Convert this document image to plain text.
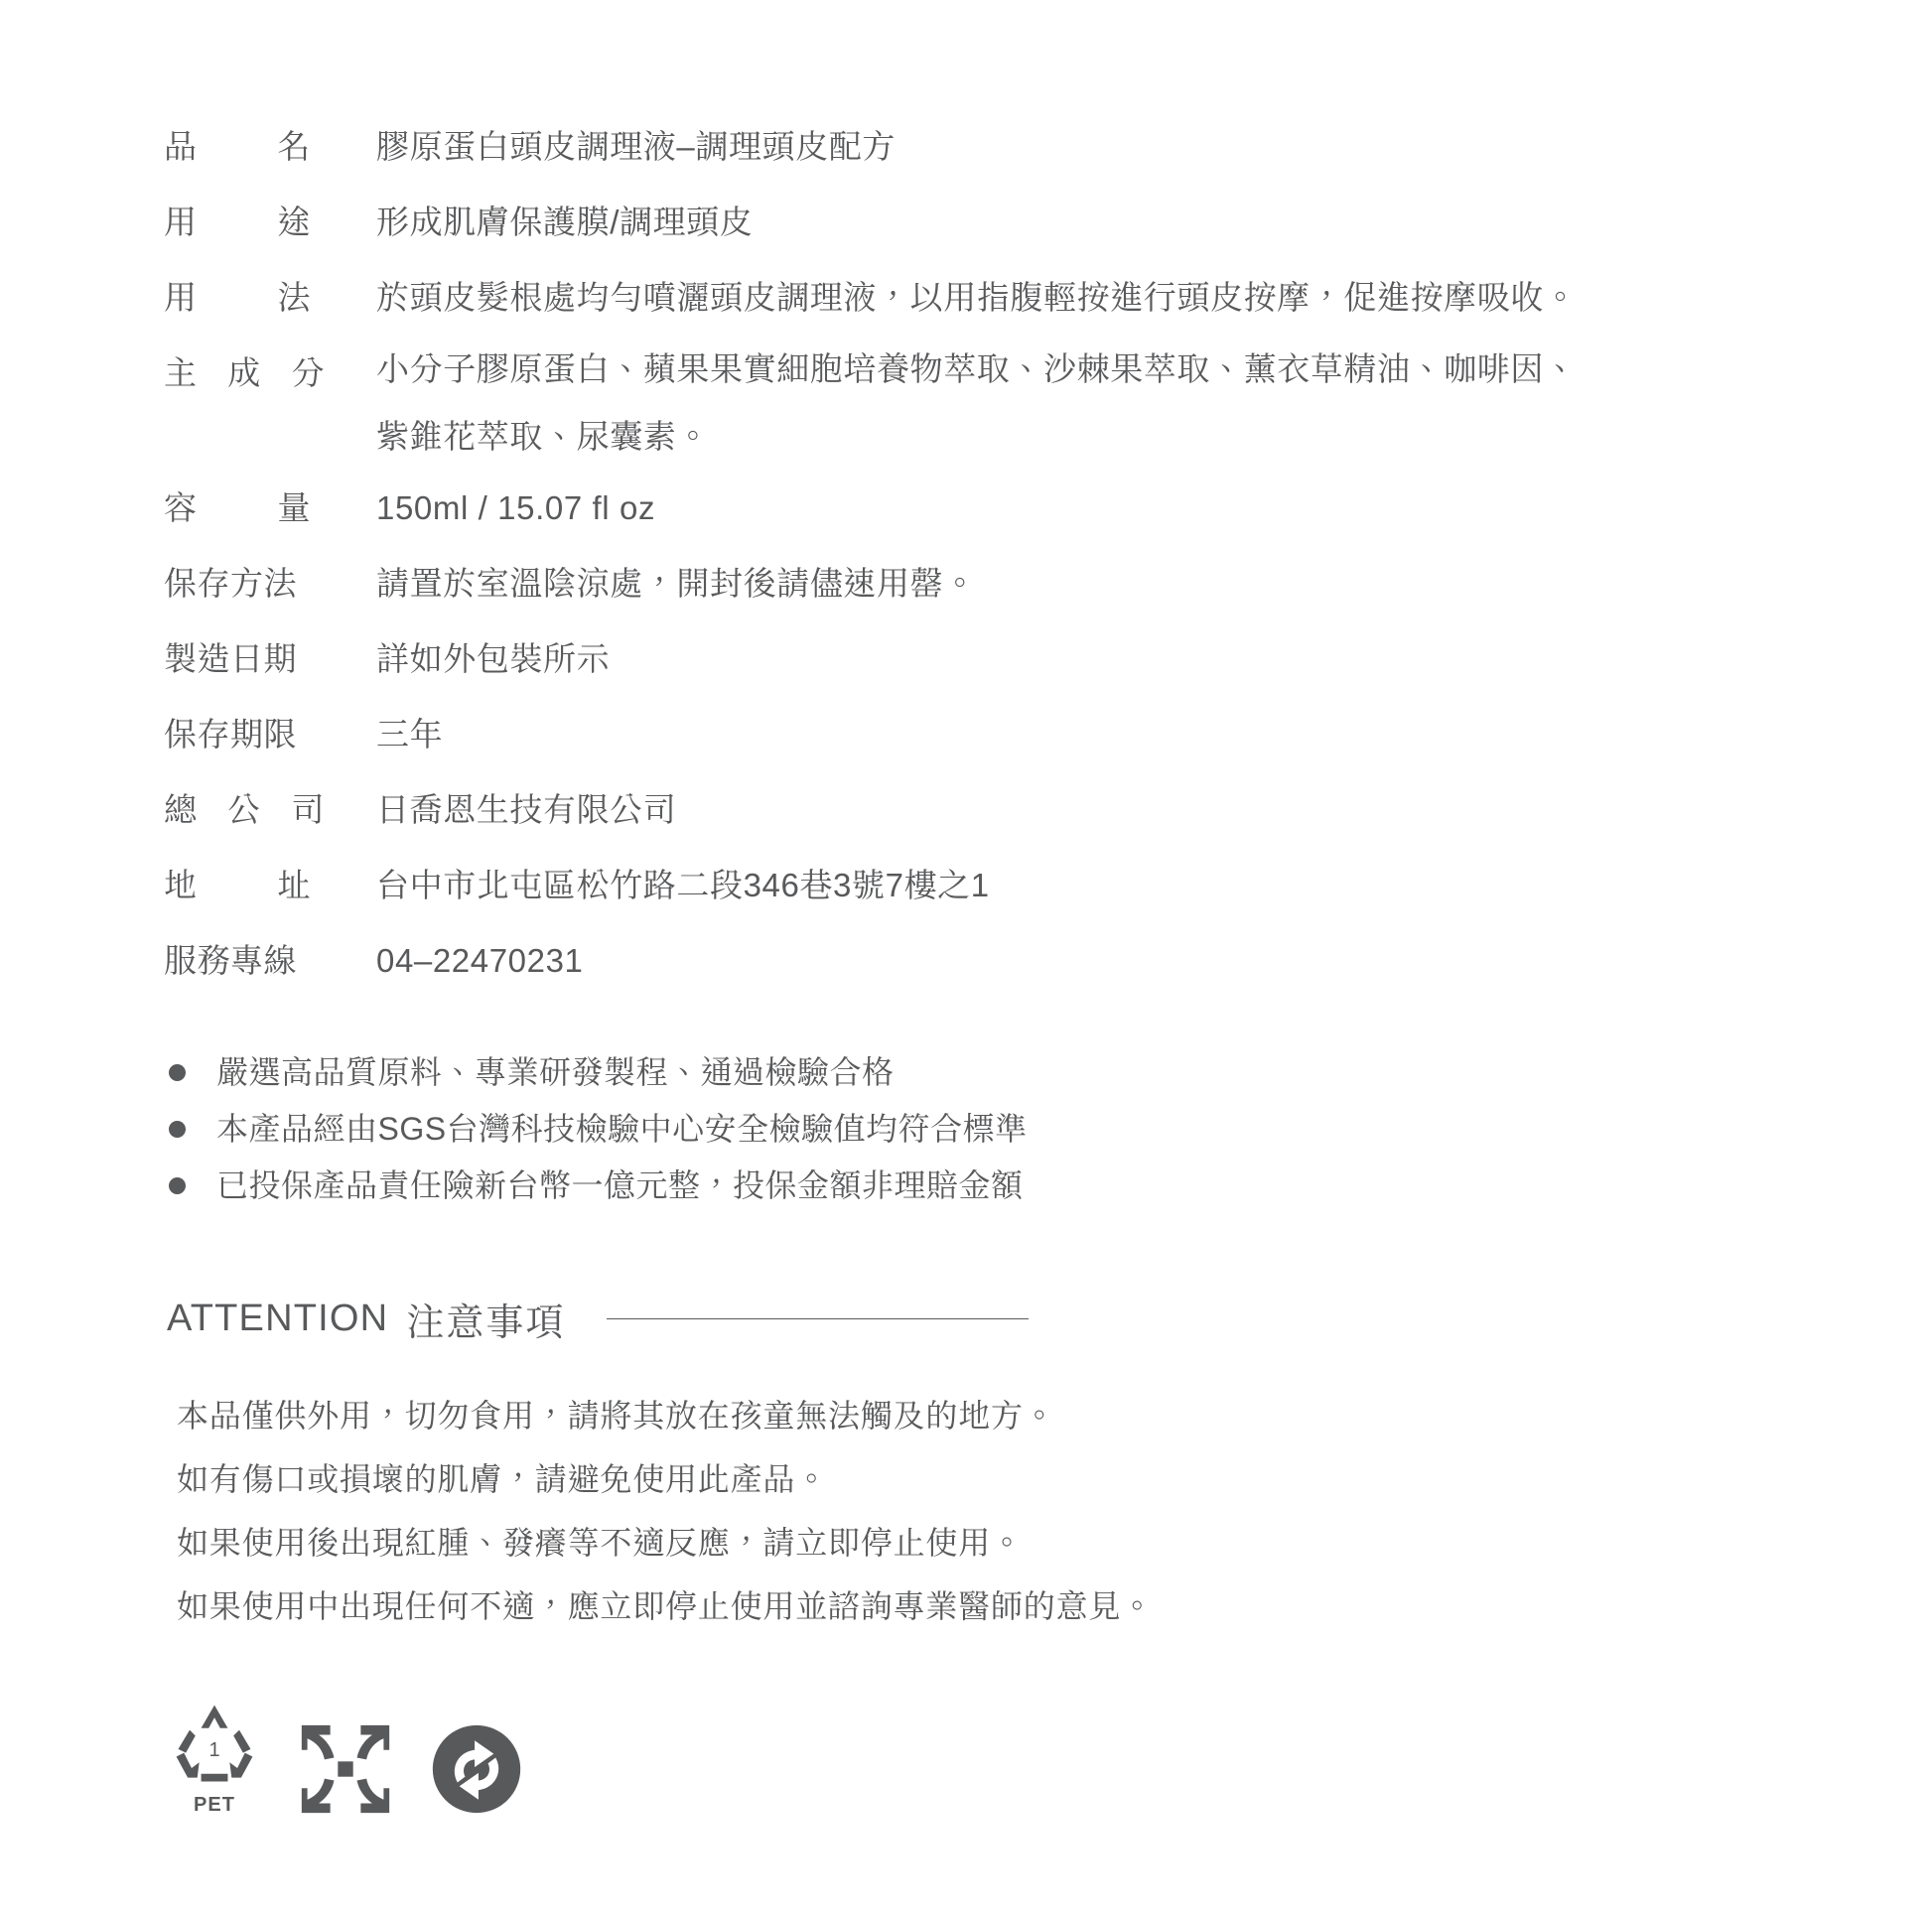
品 名	膠原蛋白頭皮調理液–調理頭皮配方

用 途	形成肌膚保護膜/調理頭皮

用 法	於頭皮髮根處均勻噴灑頭皮調理液，以用指腹輕按進行頭皮按摩，促進按摩吸收。

主 成 分	小分子膠原蛋白、蘋果果實細胞培養物萃取、沙棘果萃取、薰衣草精油、咖啡因、
紫錐花萃取、尿囊素。

容 量	150ml / 15.07 fl oz

保存方法	請置於室溫陰涼處，開封後請儘速用罄。

製造日期	詳如外包裝所示

保存期限	三年

總 公 司	日喬恩生技有限公司

地 址	台中市北屯區松竹路二段346巷3號7樓之1

服務專線	04–22470231
嚴選高品質原料、專業研發製程、通過檢驗合格
本產品經由SGS台灣科技檢驗中心安全檢驗值均符合標準
已投保產品責任險新台幣一億元整，投保金額非理賠金額
ATTENTION 注意事項
本品僅供外用，切勿食用，請將其放在孩童無法觸及的地方。
如有傷口或損壞的肌膚，請避免使用此產品。
如果使用後出現紅腫、發癢等不適反應，請立即停止使用。
如果使用中出現任何不適，應立即停止使用並諮詢專業醫師的意見。
1
PET
